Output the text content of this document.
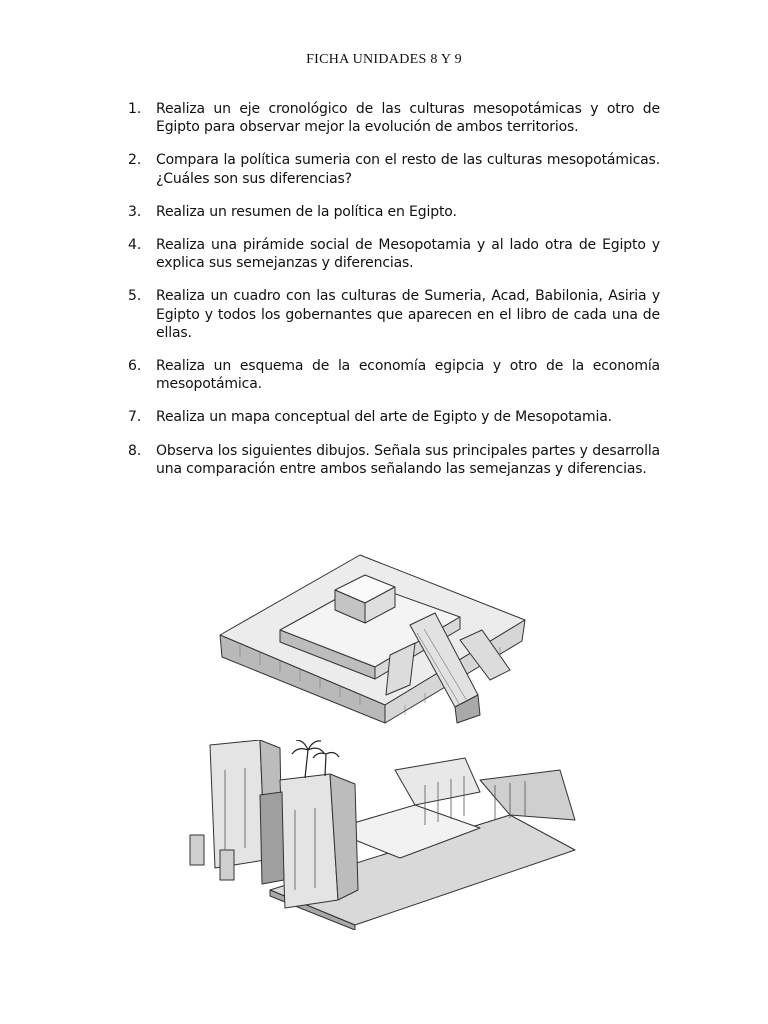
FICHA UNIDADES 8 Y 9
1.	Realiza un eje cronológico de las culturas mesopotámicas y otro de Egipto para observar mejor la evolución de ambos territorios.
2.	Compara la política sumeria con el resto de las culturas mesopotámicas. ¿Cuáles son sus diferencias?
3.	Realiza un resumen de la política en Egipto.
4.	Realiza una pirámide social de Mesopotamia y al lado otra de Egipto y explica sus semejanzas y diferencias.
5.	Realiza un cuadro con las culturas de Sumeria, Acad, Babilonia, Asiria y Egipto y todos los gobernantes que aparecen en el libro de cada una de ellas.
6.	Realiza un esquema de la economía egipcia y otro de la economía mesopotámica.
7.	Realiza un mapa conceptual del arte de Egipto y de Mesopotamia.
8.	Observa los siguientes dibujos. Señala sus principales partes y desarrolla una comparación entre ambos señalando las semejanzas y diferencias.
